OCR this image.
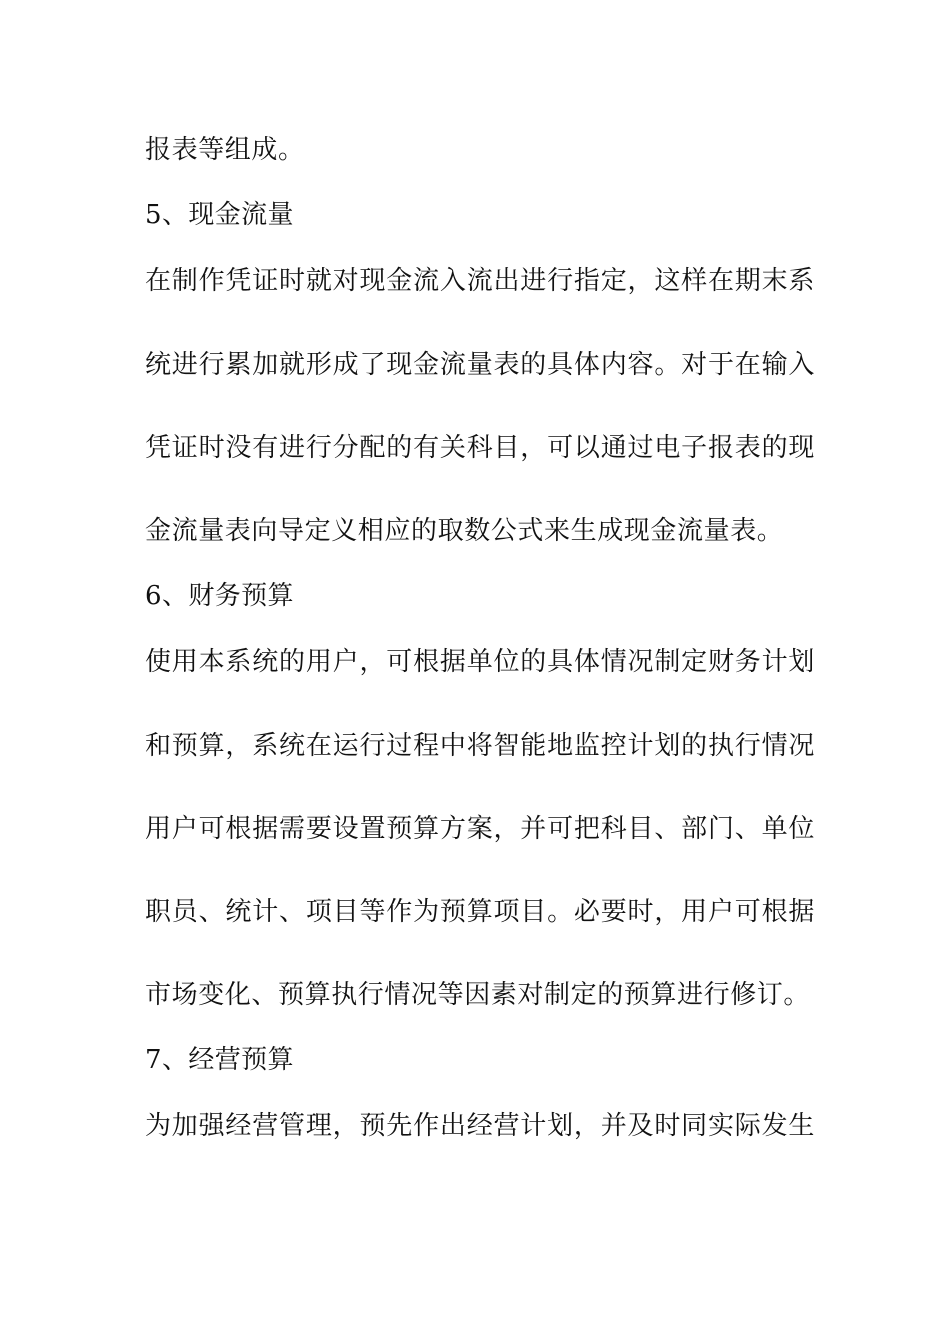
报表等组成。
5、现金流量
在制作凭证时就对现金流入流出进行指定，这样在期末系
统进行累加就形成了现金流量表的具体内容。对于在输入
凭证时没有进行分配的有关科目，可以通过电子报表的现
金流量表向导定义相应的取数公式来生成现金流量表。
6、财务预算
使用本系统的用户，可根据单位的具体情况制定财务计划
和预算，系统在运行过程中将智能地监控计划的执行情况
用户可根据需要设置预算方案，并可把科目、部门、单位
职员、统计、项目等作为预算项目。必要时，用户可根据
市场变化、预算执行情况等因素对制定的预算进行修订。
7、经营预算
为加强经营管理，预先作出经营计划，并及时同实际发生
